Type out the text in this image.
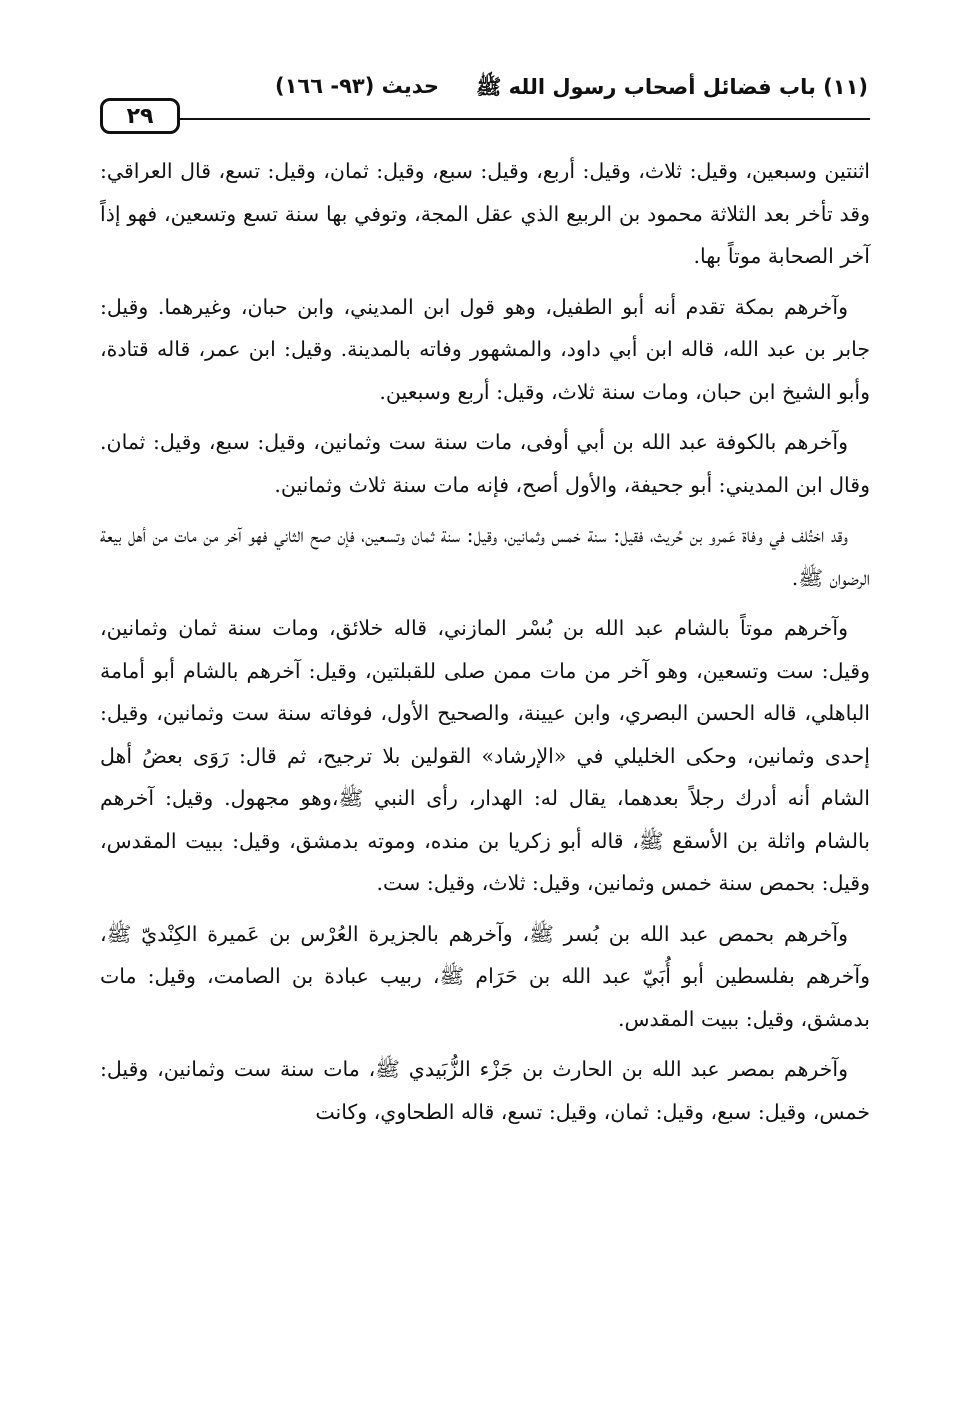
٢٩
حديث (٩٣- ١٦٦)	(١١) باب فضائل أصحاب رسول الله ﷺ

اثنتين وسبعين، وقيل: ثلاث، وقيل: أربع، وقيل: سبع، وقيل: ثمان، وقيل: تسع، قال العراقي: وقد تأخر بعد الثلاثة محمود بن الربيع الذي عقل المجة، وتوفي بها سنة تسع وتسعين، فهو إذاً آخر الصحابة موتاً بها.

وآخرهم بمكة تقدم أنه أبو الطفيل، وهو قول ابن المديني، وابن حبان، وغيرهما. وقيل: جابر بن عبد الله، قاله ابن أبي داود، والمشهور وفاته بالمدينة. وقيل: ابن عمر، قاله قتادة، وأبو الشيخ ابن حبان، ومات سنة ثلاث، وقيل: أربع وسبعين.

وآخرهم بالكوفة عبد الله بن أبي أوفى، مات سنة ست وثمانين، وقيل: سبع، وقيل: ثمان. وقال ابن المديني: أبو جحيفة، والأول أصح، فإنه مات سنة ثلاث وثمانين.

وقد اختُلف في وفاة عَمرو بن حُريث، فقيل: سنة خمس وثمانين، وقيل: سنة ثمان وتسعين، فإن صح الثاني فهو آخر من مات من أهل بيعة الرضوان ﷺ.

وآخرهم موتاً بالشام عبد الله بن بُسْر المازني، قاله خلائق، ومات سنة ثمان وثمانين، وقيل: ست وتسعين، وهو آخر من مات ممن صلى للقبلتين، وقيل: آخرهم بالشام أبو أمامة الباهلي، قاله الحسن البصري، وابن عيينة، والصحيح الأول، فوفاته سنة ست وثمانين، وقيل: إحدى وثمانين، وحكى الخليلي في «الإرشاد» القولين بلا ترجيح، ثم قال: رَوَى بعضُ أهل الشام أنه أدرك رجلاً بعدهما، يقال له: الهدار، رأى النبي ﷺ،وهو مجهول. وقيل: آخرهم بالشام واثلة بن الأسقع ﷺ، قاله أبو زكريا بن منده، وموته بدمشق، وقيل: ببيت المقدس، وقيل: بحمص سنة خمس وثمانين، وقيل: ثلاث، وقيل: ست.

وآخرهم بحمص عبد الله بن بُسر ﷺ، وآخرهم بالجزيرة العُرْس بن عَميرة الكِنْديّ ﷺ، وآخرهم بفلسطين أبو أُبَيّ عبد الله بن حَرَام ﷺ، ربيب عبادة بن الصامت، وقيل: مات بدمشق، وقيل: ببيت المقدس.

وآخرهم بمصر عبد الله بن الحارث بن جَزْء الزُّبَيدي ﷺ، مات سنة ست وثمانين، وقيل: خمس، وقيل: سبع، وقيل: ثمان، وقيل: تسع، قاله الطحاوي، وكانت
